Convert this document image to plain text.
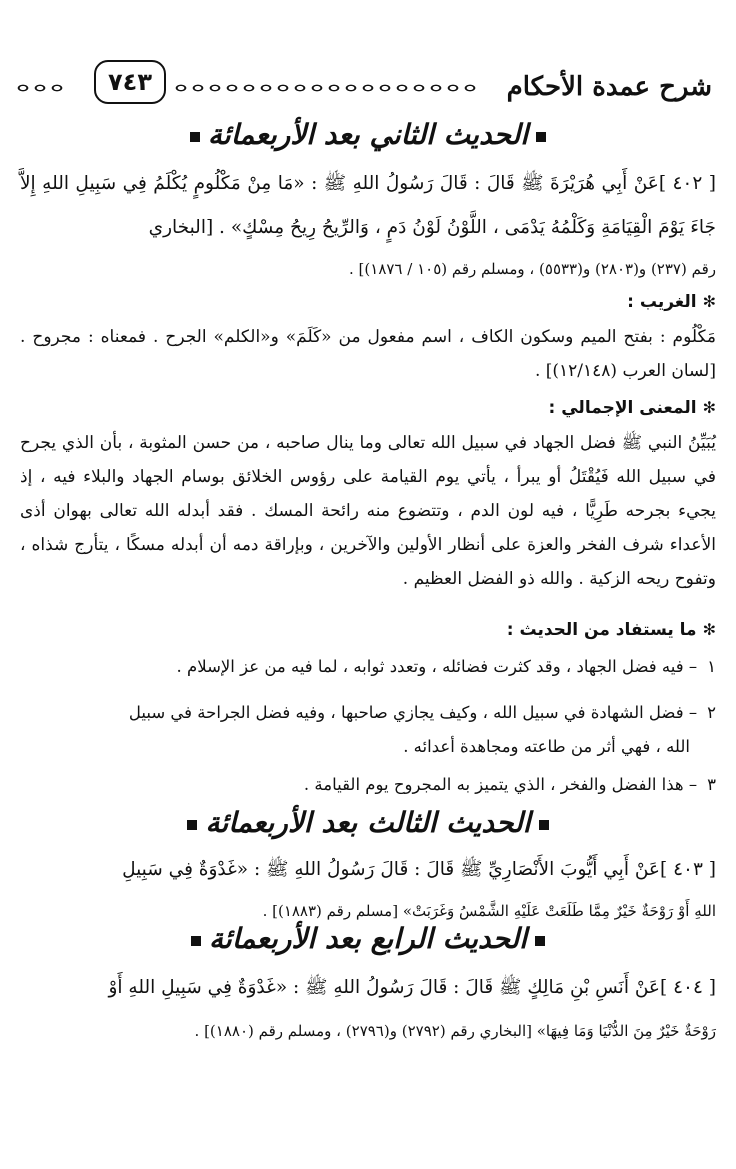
شرح عمدة الأحكام
٧٤٣
الحديث الثاني بعد الأربعمائة
[ ٤٠٢ ]عَنْ أَبِي هُرَيْرَةَ ﷺ قَالَ : قَالَ رَسُولُ اللهِ ﷺ : «مَا مِنْ مَكْلُومٍ يُكْلَمُ فِي سَبِيلِ اللهِ إِلاَّ جَاءَ يَوْمَ الْقِيَامَةِ وَكَلْمُهُ يَدْمَى ، اللَّوْنُ لَوْنُ دَمٍ ، وَالرِّيحُ رِيحُ مِسْكٍ» . [البخاري
رقم (٢٣٧) و(٢٨٠٣) و(٥٥٣٣) ، ومسلم رقم (١٠٥ / ١٨٧٦)] .
✻الغريب :
مَكْلُوم : بفتح الميم وسكون الكاف ، اسم مفعول من «كَلَمَ» و«الكلم» الجرح . فمعناه : مجروح . [لسان العرب (١٢/١٤٨)] .
✻المعنى الإجمالي :
يُبَيِّنُ النبي ﷺ فضل الجهاد في سبيل الله تعالى وما ينال صاحبه ، من حسن المثوبة ، بأن الذي يجرح في سبيل الله فَيُقْتَلُ أو يبرأ ، يأتي يوم القيامة على رؤوس الخلائق بوسام الجهاد والبلاء فيه ، إذ يجيء بجرحه طَرِيًّا ، فيه لون الدم ، وتتضوع منه رائحة المسك . فقد أبدله الله تعالى بهوان أذى الأعداء شرف الفخر والعزة على أنظار الأولين والآخرين ، وبإراقة دمه أن أبدله مسكًا ، يتأرج شذاه ، وتفوح ريحه الزكية . والله ذو الفضل العظيم .
✻ما يستفاد من الحديث :
١– فيه فضل الجهاد ، وقد كثرت فضائله ، وتعدد ثوابه ، لما فيه من عز الإسلام .
٢– فضل الشهادة في سبيل الله ، وكيف يجازي صاحبها ، وفيه فضل الجراحة في سبيل
الله ، فهي أثر من طاعته ومجاهدة أعدائه .
٣– هذا الفضل والفخر ، الذي يتميز به المجروح يوم القيامة .
الحديث الثالث بعد الأربعمائة
[ ٤٠٣ ]عَنْ أَبِي أَيُّوبَ الأَنْصَارِيِّ ﷺ قَالَ : قَالَ رَسُولُ اللهِ ﷺ : «غَدْوَةٌ فِي سَبِيلِ
اللهِ أَوْ رَوْحَةٌ خَيْرٌ مِمَّا طَلَعَتْ عَلَيْهِ الشَّمْسُ وَغَرَبَتْ» [مسلم رقم (١٨٨٣)] .
الحديث الرابع بعد الأربعمائة
[ ٤٠٤ ]عَنْ أَنَسِ بْنِ مَالِكٍ ﷺ قَالَ : قَالَ رَسُولُ اللهِ ﷺ : «غَدْوَةٌ فِي سَبِيلِ اللهِ أَوْ
رَوْحَةٌ خَيْرٌ مِنَ الدُّنْيَا وَمَا فِيهَا» [البخاري رقم (٢٧٩٢) و(٢٧٩٦) ، ومسلم رقم (١٨٨٠)] .
